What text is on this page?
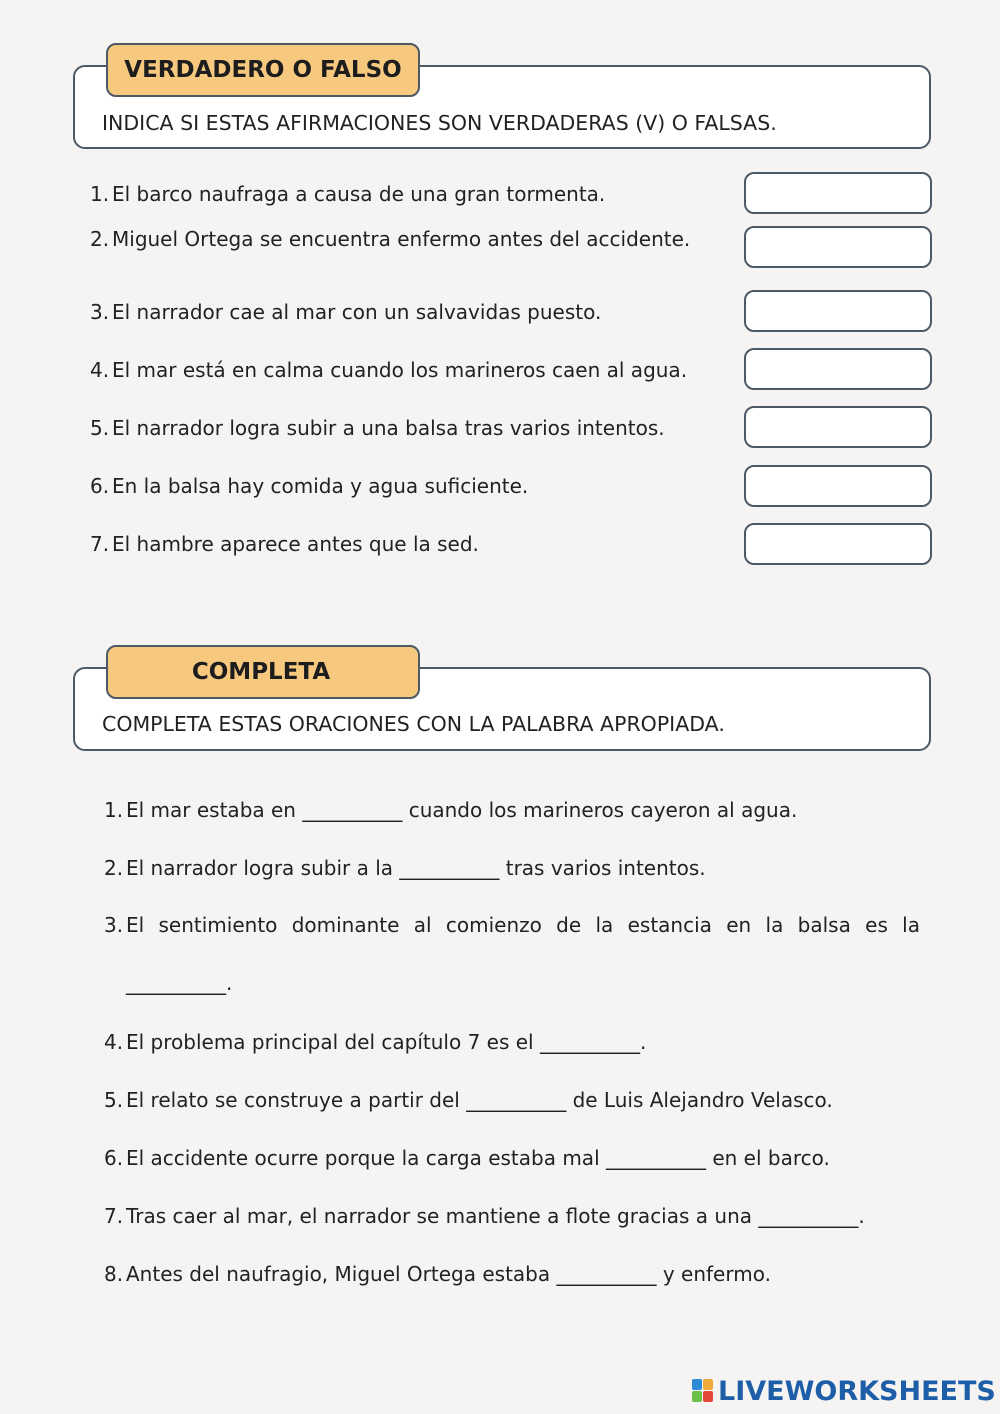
VERDADERO O FALSO
INDICA SI ESTAS AFIRMACIONES SON VERDADERAS (V) O FALSAS.
1. El barco naufraga a causa de una gran tormenta.
2. Miguel Ortega se encuentra enfermo antes del accidente.
3. El narrador cae al mar con un salvavidas puesto.
4. El mar está en calma cuando los marineros caen al agua.
5. El narrador logra subir a una balsa tras varios intentos.
6. En la balsa hay comida y agua suficiente.
7. El hambre aparece antes que la sed.
COMPLETA
COMPLETA ESTAS ORACIONES CON LA PALABRA APROPIADA.
1. El mar estaba en __________ cuando los marineros cayeron al agua.
2. El narrador logra subir a la __________ tras varios intentos.
3. El sentimiento dominante al comienzo de la estancia en la balsa es la __________.
4. El problema principal del capítulo 7 es el __________.
5. El relato se construye a partir del __________ de Luis Alejandro Velasco.
6. El accidente ocurre porque la carga estaba mal __________ en el barco.
7. Tras caer al mar, el narrador se mantiene a flote gracias a una __________.
8. Antes del naufragio, Miguel Ortega estaba __________ y enfermo.
LIVEWORKSHEETS
